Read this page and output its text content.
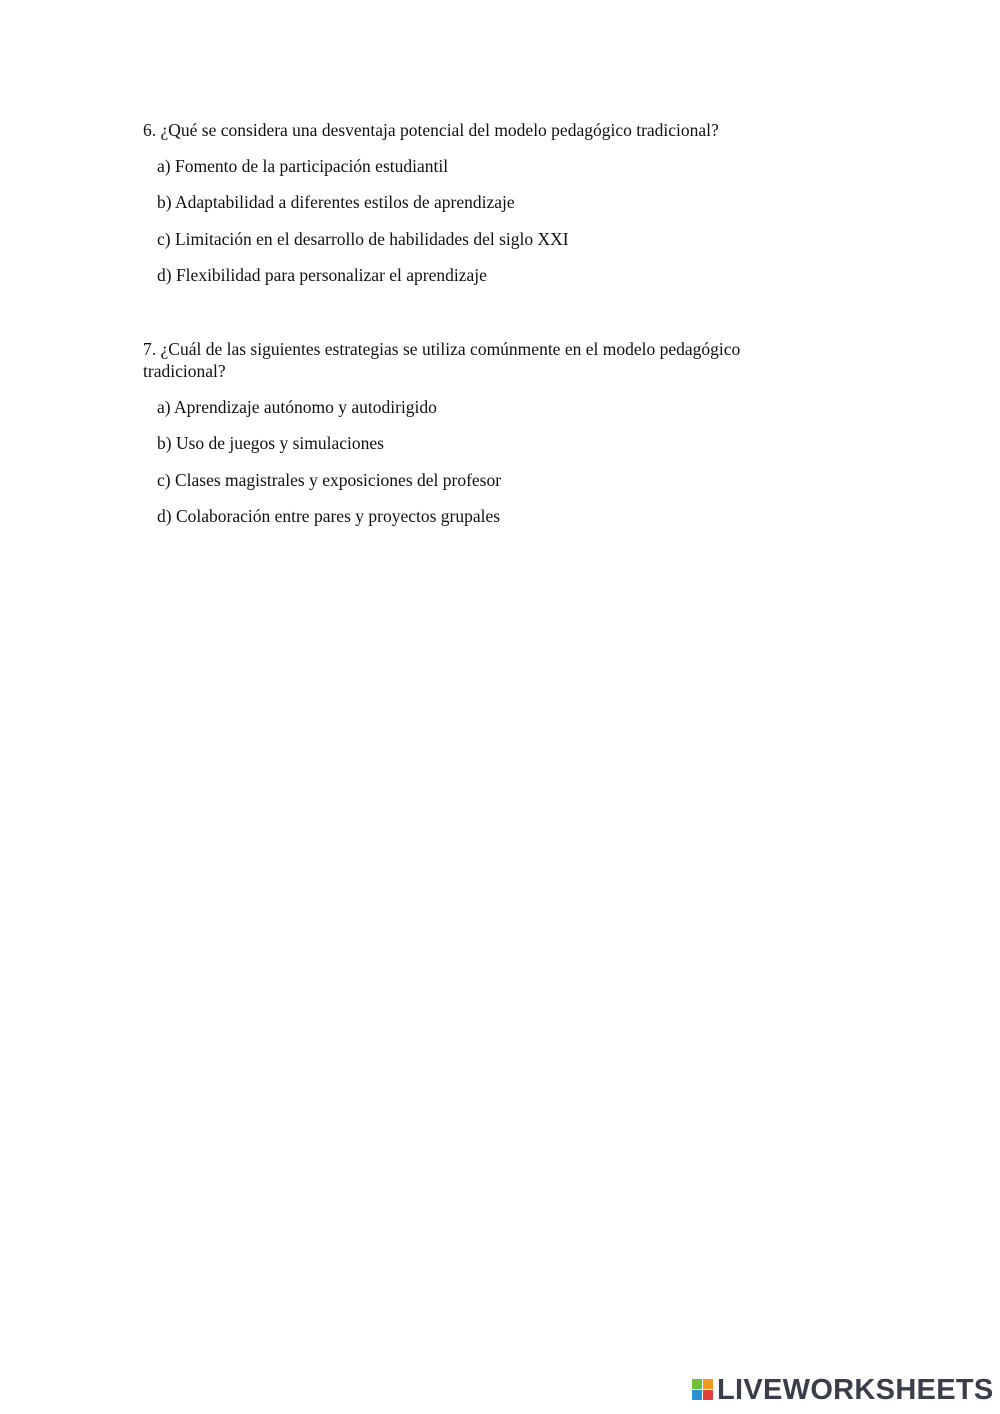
6. ¿Qué se considera una desventaja potencial del modelo pedagógico tradicional?

a) Fomento de la participación estudiantil
b) Adaptabilidad a diferentes estilos de aprendizaje
c) Limitación en el desarrollo de habilidades del siglo XXI
d) Flexibilidad para personalizar el aprendizaje

7. ¿Cuál de las siguientes estrategias se utiliza comúnmente en el modelo pedagógico tradicional?

a) Aprendizaje autónomo y autodirigido
b) Uso de juegos y simulaciones
c) Clases magistrales y exposiciones del profesor
d) Colaboración entre pares y proyectos grupales
LIVEWORKSHEETS
